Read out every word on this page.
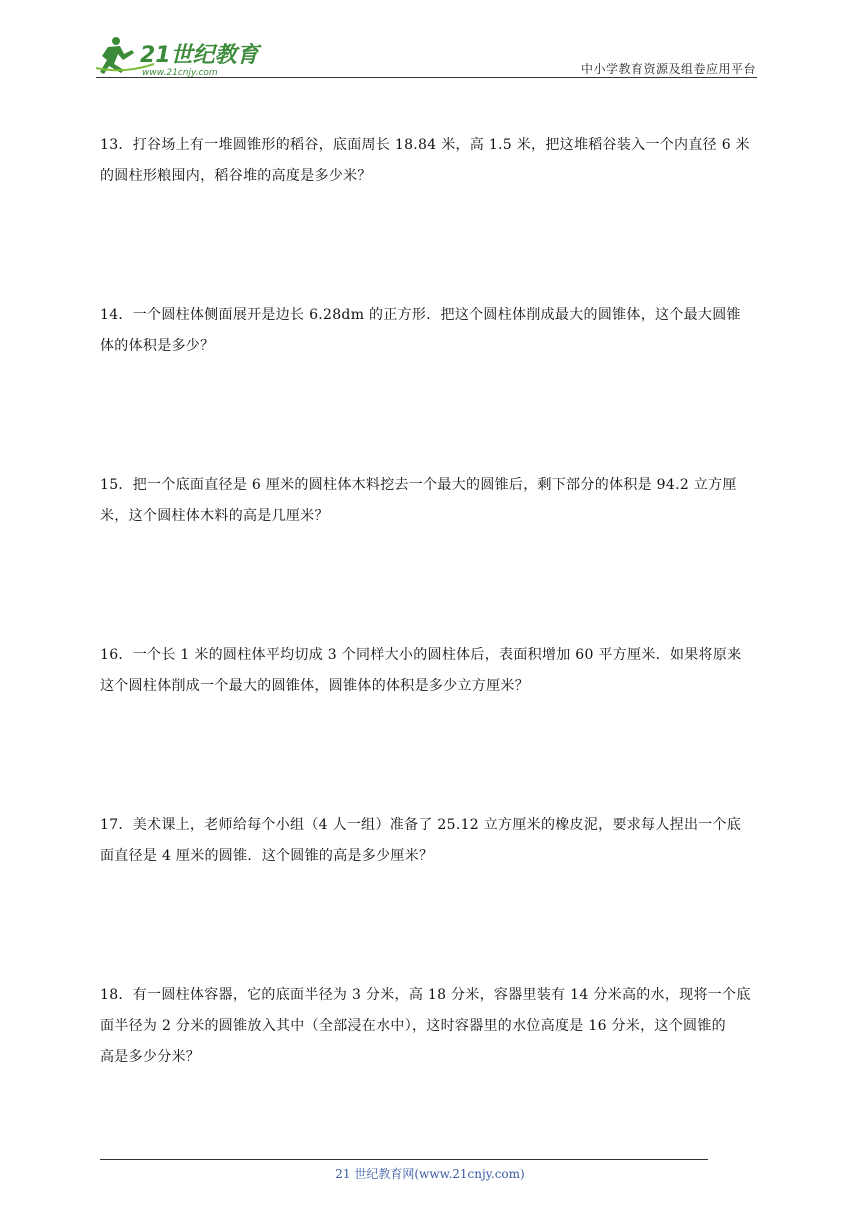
21世纪教育
www.21cnjy.com	中小学教育资源及组卷应用平台

13．打谷场上有一堆圆锥形的稻谷，底面周长 18.84 米，高 1.5 米，把这堆稻谷装入一个内直径 6 米

的圆柱形粮囤内，稻谷堆的高度是多少米？

14．一个圆柱体侧面展开是边长 6.28dm 的正方形．把这个圆柱体削成最大的圆锥体，这个最大圆锥

体的体积是多少？

15．把一个底面直径是 6 厘米的圆柱体木料挖去一个最大的圆锥后，剩下部分的体积是 94.2 立方厘

米，这个圆柱体木料的高是几厘米？

16．一个长 1 米的圆柱体平均切成 3 个同样大小的圆柱体后，表面积增加 60 平方厘米．如果将原来

这个圆柱体削成一个最大的圆锥体，圆锥体的体积是多少立方厘米？

17．美术课上，老师给每个小组（4 人一组）准备了 25.12 立方厘米的橡皮泥，要求每人捏出一个底

面直径是 4 厘米的圆锥．这个圆锥的高是多少厘米？

18．有一圆柱体容器，它的底面半径为 3 分米，高 18 分米，容器里装有 14 分米高的水，现将一个底

面半径为 2 分米的圆锥放入其中（全部浸在水中），这时容器里的水位高度是 16 分米，这个圆锥的

高是多少分米？

21 世纪教育网(www.21cnjy.com)
